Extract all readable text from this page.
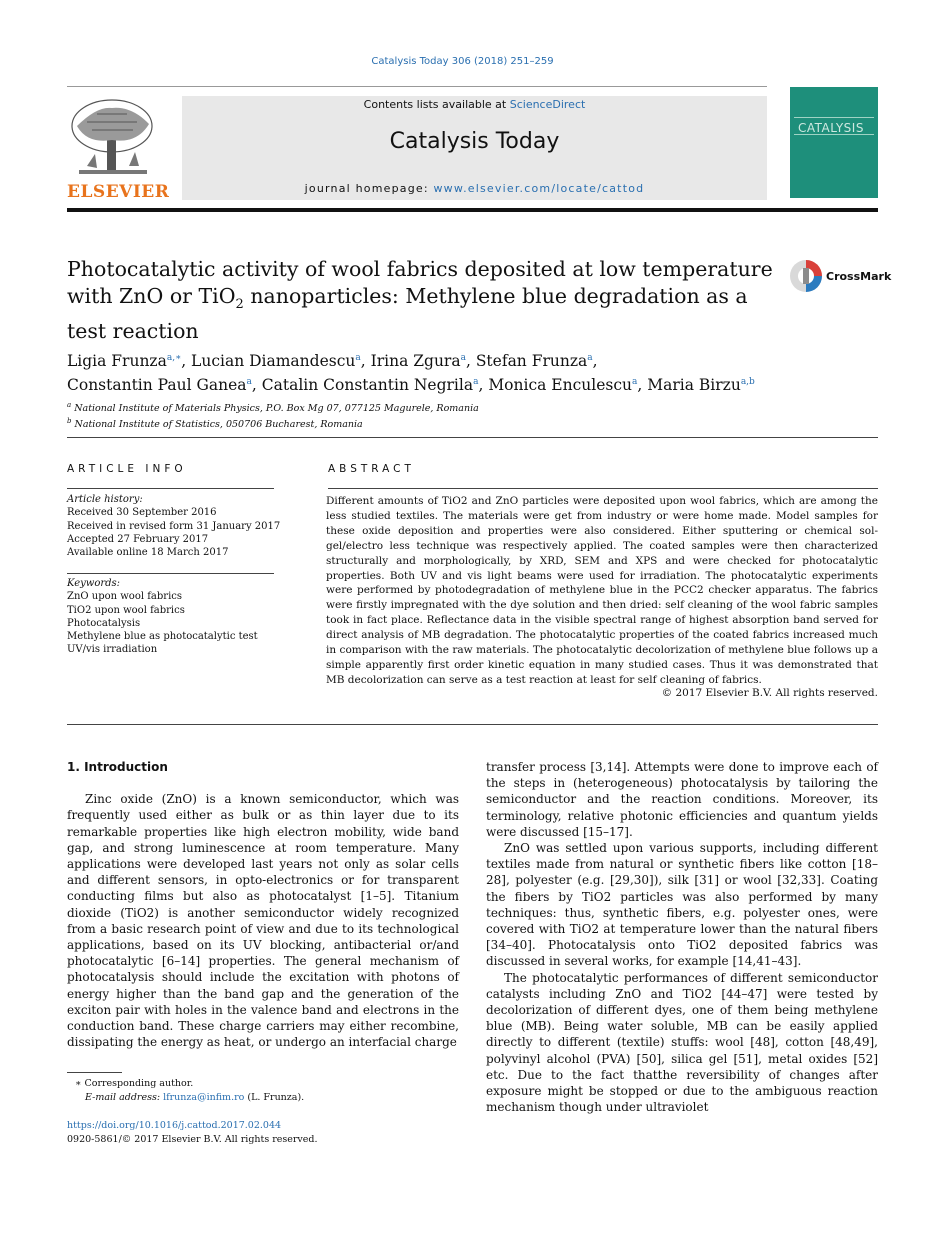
Catalysis Today 306 (2018) 251–259
ELSEVIER
Contents lists available at ScienceDirect
Catalysis Today
journal homepage: www.elsevier.com/locate/cattod
CATALYSIS
Photocatalytic activity of wool fabrics deposited at low temperature with ZnO or TiO$_2$ nanoparticles: Methylene blue degradation as a test reaction
CrossMark
Ligia Frunza$^{a,∗}$, Lucian Diamandescu$^a$, Irina Zgura$^a$, Stefan Frunza$^a$,
Constantin Paul Ganea$^a$, Catalin Constantin Negrila$^a$, Monica Enculescu$^a$, Maria Birzu$^{a,b}$
$^a$ National Institute of Materials Physics, P.O. Box Mg 07, 077125 Magurele, Romania
$^b$ National Institute of Statistics, 050706 Bucharest, Romania
ARTICLE INFO	ABSTRACT
Article history:
Received 30 September 2016
Received in revised form 31 January 2017
Accepted 27 February 2017
Available online 18 March 2017
Keywords:
ZnO upon wool fabrics
TiO2 upon wool fabrics
Photocatalysis
Methylene blue as photocatalytic test
UV/vis irradiation
Different amounts of TiO2 and ZnO particles were deposited upon wool fabrics, which are among the less studied textiles. The materials were get from industry or were home made. Model samples for these oxide deposition and properties were also considered. Either sputtering or chemical sol-gel/electro less technique was respectively applied. The coated samples were then characterized structurally and morphologically, by XRD, SEM and XPS and were checked for photocatalytic properties. Both UV and vis light beams were used for irradiation. The photocatalytic experiments were performed by photodegradation of methylene blue in the PCC2 checker apparatus. The fabrics were firstly impregnated with the dye solution and then dried: self cleaning of the wool fabric samples took in fact place. Reflectance data in the visible spectral range of highest absorption band served for direct analysis of MB degradation. The photocatalytic properties of the coated fabrics increased much in comparison with the raw materials. The photocatalytic decolorization of methylene blue follows up a simple apparently first order kinetic equation in many studied cases. Thus it was demonstrated that MB decolorization can serve as a test reaction at least for self cleaning of fabrics.
© 2017 Elsevier B.V. All rights reserved.
1. Introduction

Zinc oxide (ZnO) is a known semiconductor, which was frequently used either as bulk or as thin layer due to its remarkable properties like high electron mobility, wide band gap, and strong luminescence at room temperature. Many applications were developed last years not only as solar cells and different sensors, in opto-electronics or for transparent conducting films but also as photocatalyst [1–5]. Titanium dioxide (TiO2) is another semiconductor widely recognized from a basic research point of view and due to its technological applications, based on its UV blocking, antibacterial or/and photocatalytic [6–14] properties. The general mechanism of photocatalysis should include the excitation with photons of energy higher than the band gap and the generation of the exciton pair with holes in the valence band and electrons in the conduction band. These charge carriers may either recombine, dissipating the energy as heat, or undergo an interfacial charge

transfer process [3,14]. Attempts were done to improve each of the steps in (heterogeneous) photocatalysis by tailoring the semiconductor and the reaction conditions. Moreover, its terminology, relative photonic efficiencies and quantum yields were discussed [15–17].

ZnO was settled upon various supports, including different textiles made from natural or synthetic fibers like cotton [18–28], polyester (e.g. [29,30]), silk [31] or wool [32,33]. Coating the fibers by TiO2 particles was also performed by many techniques: thus, synthetic fibers, e.g. polyester ones, were covered with TiO2 at temperature lower than the natural fibers [34–40]. Photocatalysis onto TiO2 deposited fabrics was discussed in several works, for example [14,41–43].

The photocatalytic performances of different semiconductor catalysts including ZnO and TiO2 [44–47] were tested by decolorization of different dyes, one of them being methylene blue (MB). Being water soluble, MB can be easily applied directly to different (textile) stuffs: wool [48], cotton [48,49], polyvinyl alcohol (PVA) [50], silica gel [51], metal oxides [52] etc. Due to the fact thatthe reversibility of changes after exposure might be stopped or due to the ambiguous reaction mechanism though under ultraviolet

∗ Corresponding author.
E-mail address: lfrunza@infim.ro (L. Frunza).
https://doi.org/10.1016/j.cattod.2017.02.044
0920-5861/© 2017 Elsevier B.V. All rights reserved.
